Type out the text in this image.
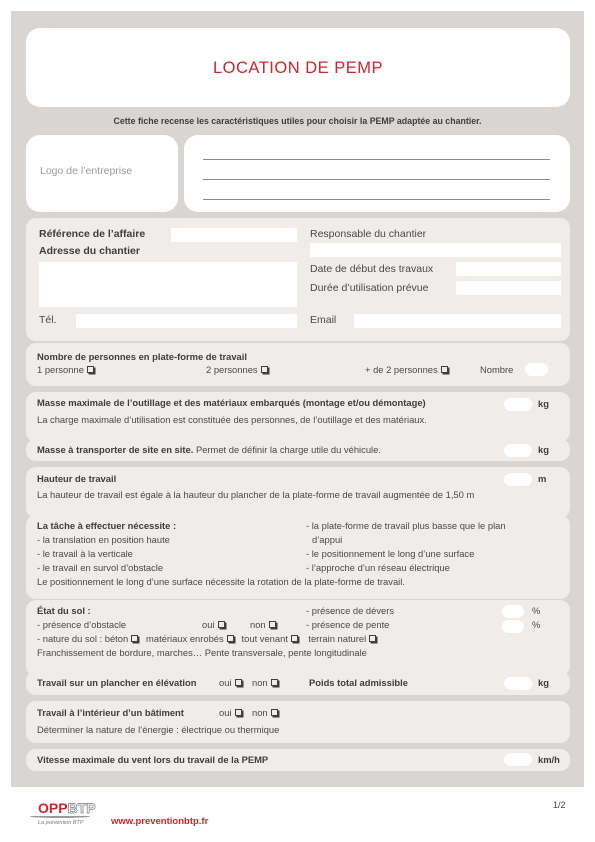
LOCATION DE PEMP
Cette fiche recense les caractéristiques utiles pour choisir la PEMP adaptée au chantier.
Logo de l’entreprise
Référence de l’affaire
Adresse du chantier
Tél.
Responsable du chantier
Date de début des travaux
Durée d’utilisation prévue
Email
Nombre de personnes en plate-forme de travail
1 personne	2 personnes	+ de 2 personnes	Nombre
Masse maximale de l’outillage et des matériaux embarqués (montage et/ou démontage)	kg
La charge maximale d’utilisation est constituée des personnes, de l’outillage et des matériaux.
Masse à transporter de site en site. Permet de définir la charge utile du véhicule.	kg
Hauteur de travail	m
La hauteur de travail est égale à la hauteur du plancher de la plate-forme de travail augmentée de 1,50 m
La tâche à effectuer nécessite :
- la translation en position haute
- le travail à la verticale
- le travail en survol d’obstacle
- la plate-forme de travail plus basse que le plan
d’appui
- le positionnement le long d’une surface
- l’approche d’un réseau électrique
Le positionnement le long d’une surface nécessite la rotation de la plate-forme de travail.
État du sol :
- présence d’obstacle	oui	non
- nature du sol : béton matériaux enrobés tout venant terrain naturel
- présence de dévers	%
- présence de pente	%
Franchissement de bordure, marches… Pente transversale, pente longitudinale
Travail sur un plancher en élévation oui	non	Poids total admissible	kg
Travail à l’intérieur d’un bâtiment	oui	non
Déterminer la nature de l’énergie : électrique ou thermique
Vitesse maximale du vent lors du travail de la PEMP	km/h
OPPBTP
La prévention BTP	www.preventionbtp.fr
1/2
